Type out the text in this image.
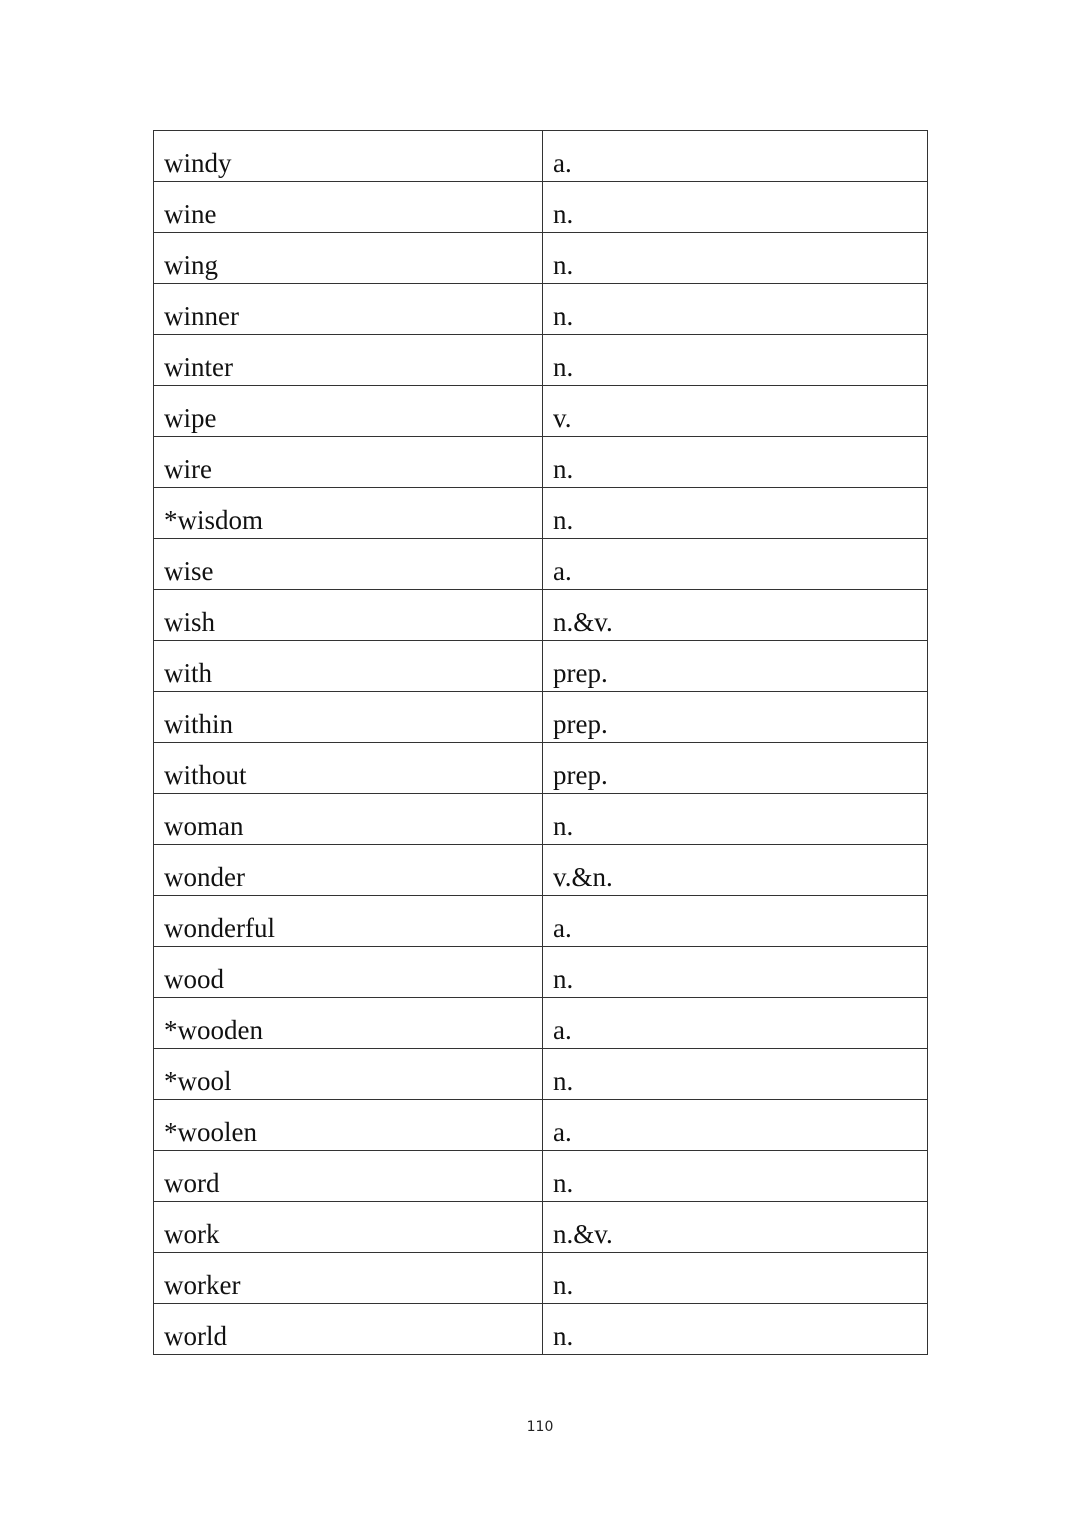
windy	a.
wine	n.
wing	n.
winner	n.
winter	n.
wipe	v.
wire	n.
*wisdom	n.
wise	a.
wish	n.&v.
with	prep.
within	prep.
without	prep.
woman	n.
wonder	v.&n.
wonderful	a.
wood	n.
*wooden	a.
*wool	n.
*woolen	a.
word	n.
work	n.&v.
worker	n.
world	n.
110
